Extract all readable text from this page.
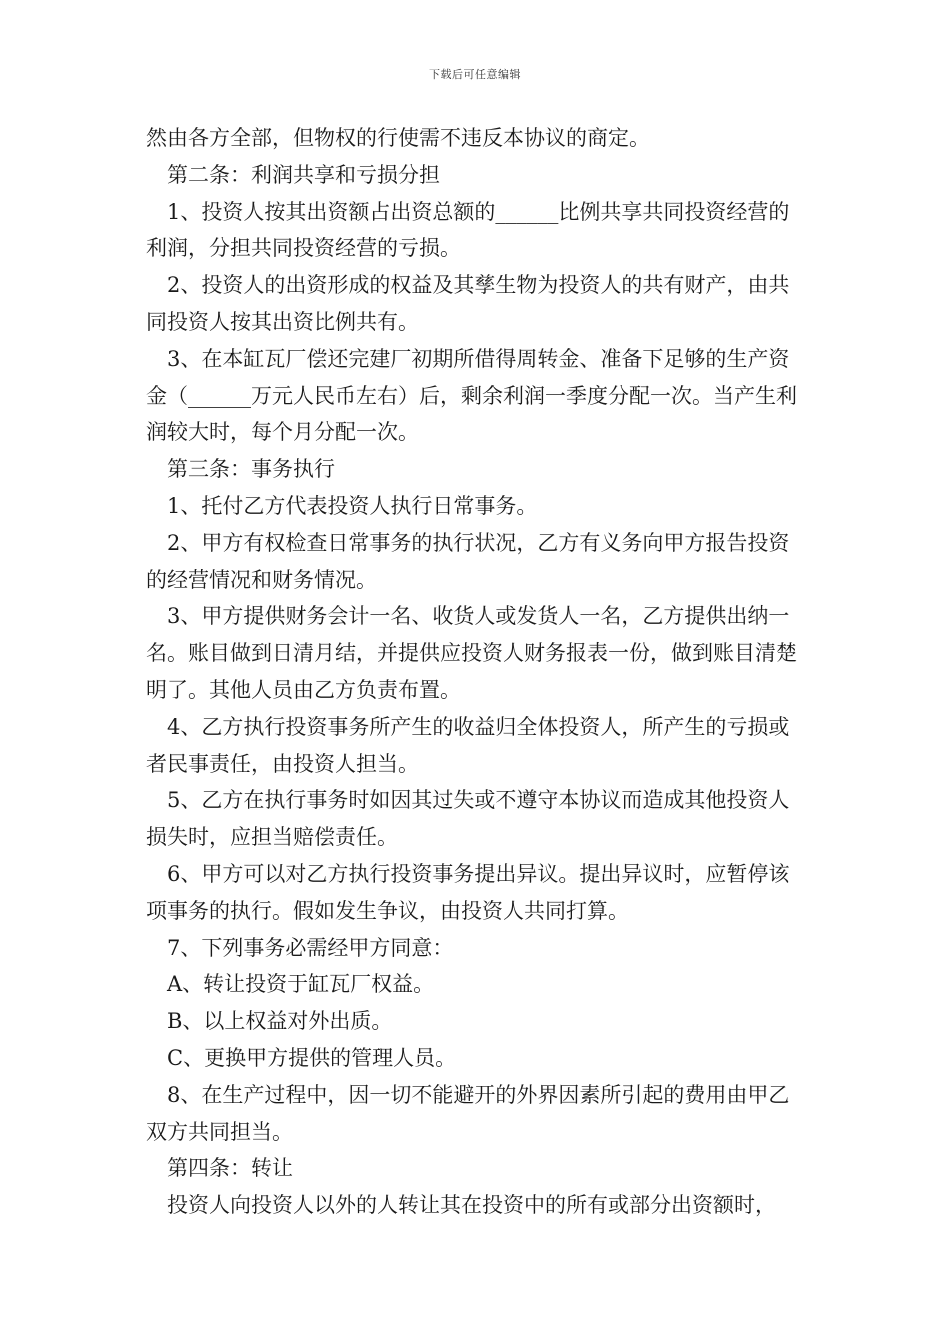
下载后可任意编辑

然由各方全部，但物权的行使需不违反本协议的商定。

第二条：利润共享和亏损分担

1、投资人按其出资额占出资总额的______比例共享共同投资经营的利润，分担共同投资经营的亏损。

2、投资人的出资形成的权益及其孳生物为投资人的共有财产，由共同投资人按其出资比例共有。

3、在本缸瓦厂偿还完建厂初期所借得周转金、准备下足够的生产资金（______万元人民币左右）后，剩余利润一季度分配一次。当产生利润较大时，每个月分配一次。

第三条：事务执行

1、托付乙方代表投资人执行日常事务。

2、甲方有权检查日常事务的执行状况，乙方有义务向甲方报告投资的经营情况和财务情况。

3、甲方提供财务会计一名、收货人或发货人一名，乙方提供出纳一名。账目做到日清月结，并提供应投资人财务报表一份，做到账目清楚明了。其他人员由乙方负责布置。

4、乙方执行投资事务所产生的收益归全体投资人，所产生的亏损或者民事责任，由投资人担当。

5、乙方在执行事务时如因其过失或不遵守本协议而造成其他投资人损失时，应担当赔偿责任。

6、甲方可以对乙方执行投资事务提出异议。提出异议时，应暂停该项事务的执行。假如发生争议，由投资人共同打算。

7、下列事务必需经甲方同意：

A、转让投资于缸瓦厂权益。

B、以上权益对外出质。

C、更换甲方提供的管理人员。

8、在生产过程中，因一切不能避开的外界因素所引起的费用由甲乙双方共同担当。

第四条：转让

投资人向投资人以外的人转让其在投资中的所有或部分出资额时，
